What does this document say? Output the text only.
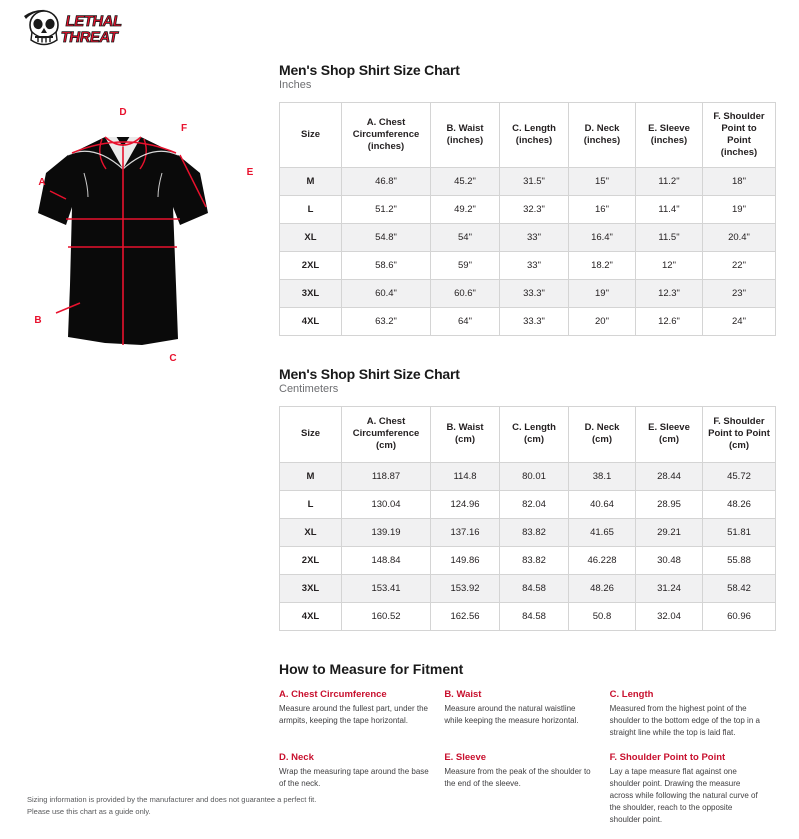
LETHAL
THREAT
D
F
E
A
B
C
Men's Shop Shirt Size Chart
Inches
Size

A. Chest
Circumference
(inches)

B. Waist
(inches)

C. Length
(inches)

D. Neck
(inches)

E. Sleeve
(inches)

F. Shoulder
Point to
Point
(inches)

M	46.8"	45.2"	31.5"	15"	11.2"	18"
L	51.2"	49.2"	32.3"	16"	11.4"	19"
XL	54.8"	54"	33"	16.4"	11.5"	20.4"
2XL	58.6"	59"	33"	18.2"	12"	22"
3XL	60.4"	60.6"	33.3"	19"	12.3"	23"
4XL	63.2"	64"	33.3"	20"	12.6"	24"
Men's Shop Shirt Size Chart
Centimeters
Size

A. Chest
Circumference
(cm)

B. Waist
(cm)

C. Length
(cm)

D. Neck
(cm)

E. Sleeve
(cm)

F. Shoulder
Point to Point
(cm)

M	118.87	114.8	80.01	38.1	28.44	45.72
L	130.04	124.96	82.04	40.64	28.95	48.26
XL	139.19	137.16	83.82	41.65	29.21	51.81
2XL	148.84	149.86	83.82	46.228	30.48	55.88
3XL	153.41	153.92	84.58	48.26	31.24	58.42
4XL	160.52	162.56	84.58	50.8	32.04	60.96
How to Measure for Fitment
A. Chest Circumference
Measure around the fullest part, under the armpits, keeping the tape horizontal.
B. Waist
Measure around the natural waistline while keeping the measure horizontal.
C. Length
Measured from the highest point of the shoulder to the bottom edge of the top in a straight line while the top is laid flat.
D. Neck
Wrap the measuring tape around the base of the neck.
E. Sleeve
Measure from the peak of the shoulder to the end of the sleeve.
F. Shoulder Point to Point
Lay a tape measure flat against one shoulder point. Drawing the measure across while following the natural curve of the shoulder, reach to the opposite shoulder point.
Sizing information is provided by the manufacturer and does not guarantee a perfect fit.
Please use this chart as a guide only.
